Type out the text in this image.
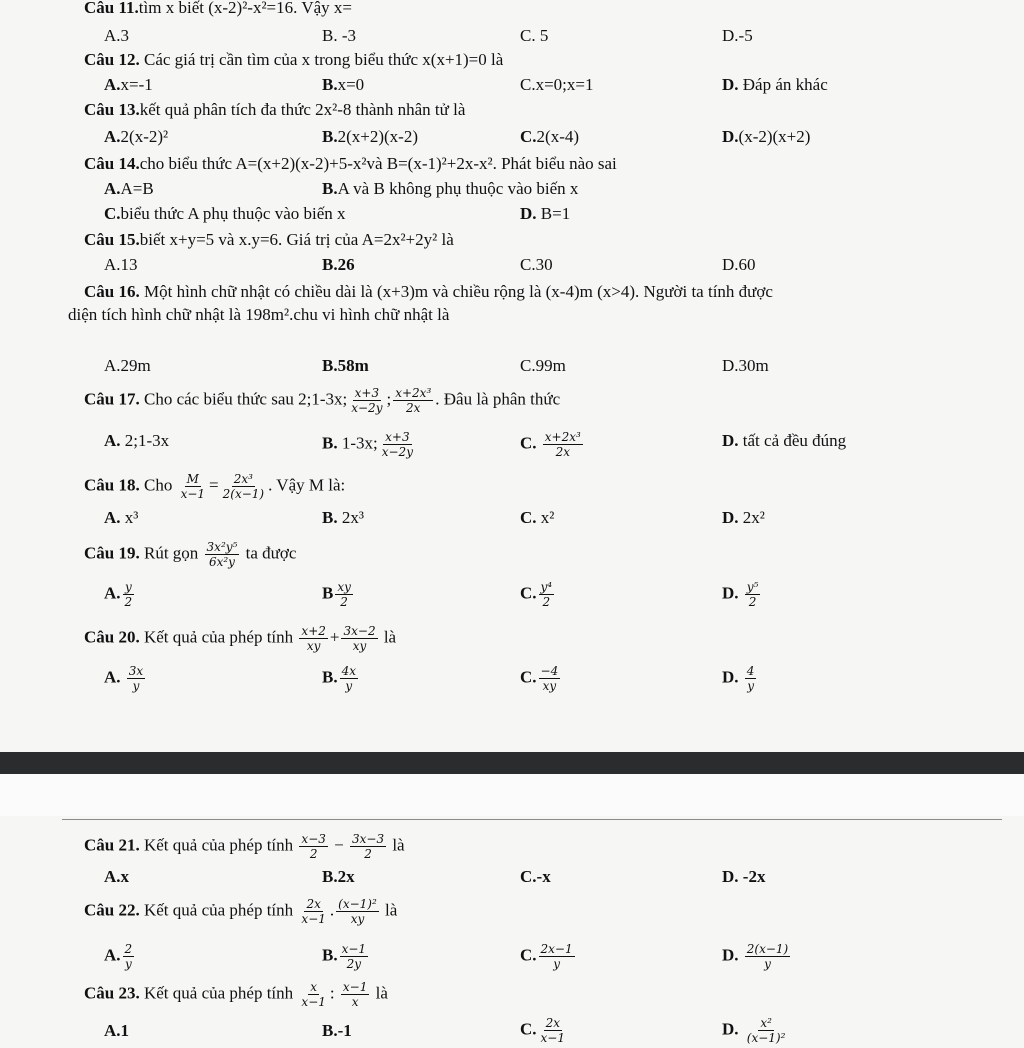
Câu 11.tìm x biết (x-2)²-x²=16. Vậy x=
A.3	B. -3	C. 5	D.-5
Câu 12. Các giá trị cần tìm của x trong biểu thức x(x+1)=0 là
A.x=-1	B.x=0	C.x=0;x=1	D. Đáp án khác
Câu 13.kết quả phân tích đa thức 2x²-8 thành nhân tử là
A.2(x-2)²	B.2(x+2)(x-2)	C.2(x-4)	D.(x-2)(x+2)
Câu 14.cho biểu thức A=(x+2)(x-2)+5-x²và B=(x-1)²+2x-x². Phát biểu nào sai
A.A=B	B.A và B không phụ thuộc vào biến x
C.biểu thức A phụ thuộc vào biến x	D. B=1
Câu 15.biết x+y=5 và x.y=6. Giá trị của A=2x²+2y² là
A.13	B.26	C.30	D.60
Câu 16. Một hình chữ nhật có chiều dài là (x+3)m và chiều rộng là (x-4)m (x>4). Người ta tính được
diện tích hình chữ nhật là 198m².chu vi hình chữ nhật là
A.29m	B.58m	C.99m	D.30m
Câu 17. Cho các biểu thức sau 2;1-3x; $\frac{x+3}{x-2y}$ ; $\frac{\text{x+2x³}}{2x}$ . Đâu là phân thức
A. 2;1-3x	B. 1-3x; $\frac{x+3}{x-2y}$	C. $\frac{\text{x+2x³}}{2x}$	D. tất cả đều đúng
Câu 18. Cho $\frac{M}{x-1} = \frac{\text{2x³}}{2(x-1)}$ . Vậy M là:
A. x³	B. 2x³	C. x²	D. 2x²
Câu 19. Rút gọn $\frac{\text{3x²y⁵}}{\text{6x²y}}$ ta được
A. $\frac{y}{2}$	B $\frac{xy}{2}$	C. $\frac{\text{y⁴}}{2}$	D. $\frac{\text{y⁵}}{2}$
Câu 20. Kết quả của phép tính $\frac{x+2}{xy} + \frac{3x-2}{xy}$ là
A. $\frac{3x}{y}$	B. $\frac{4x}{y}$	C. $\frac{-4}{xy}$	D. $\frac{4}{y}$
Câu 21. Kết quả của phép tính $\frac{x-3}{2} - \frac{3x-3}{2}$ là
A.x	B.2x	C.-x	D. -2x
Câu 22. Kết quả của phép tính $\frac{2x}{x-1}$ . $\frac{\text{(x−1)²}}{xy}$ là
A. $\frac{2}{y}$	B. $\frac{x-1}{2y}$	C. $\frac{2x-1}{y}$	D. $\frac{2(x-1)}{y}$
Câu 23. Kết quả của phép tính $\frac{x}{x-1}$ : $\frac{x-1}{x}$ là
A.1	B.-1	C. $\frac{2x}{x-1}$	D. $\frac{\text{x²}}{\text{(x−1)²}}$
